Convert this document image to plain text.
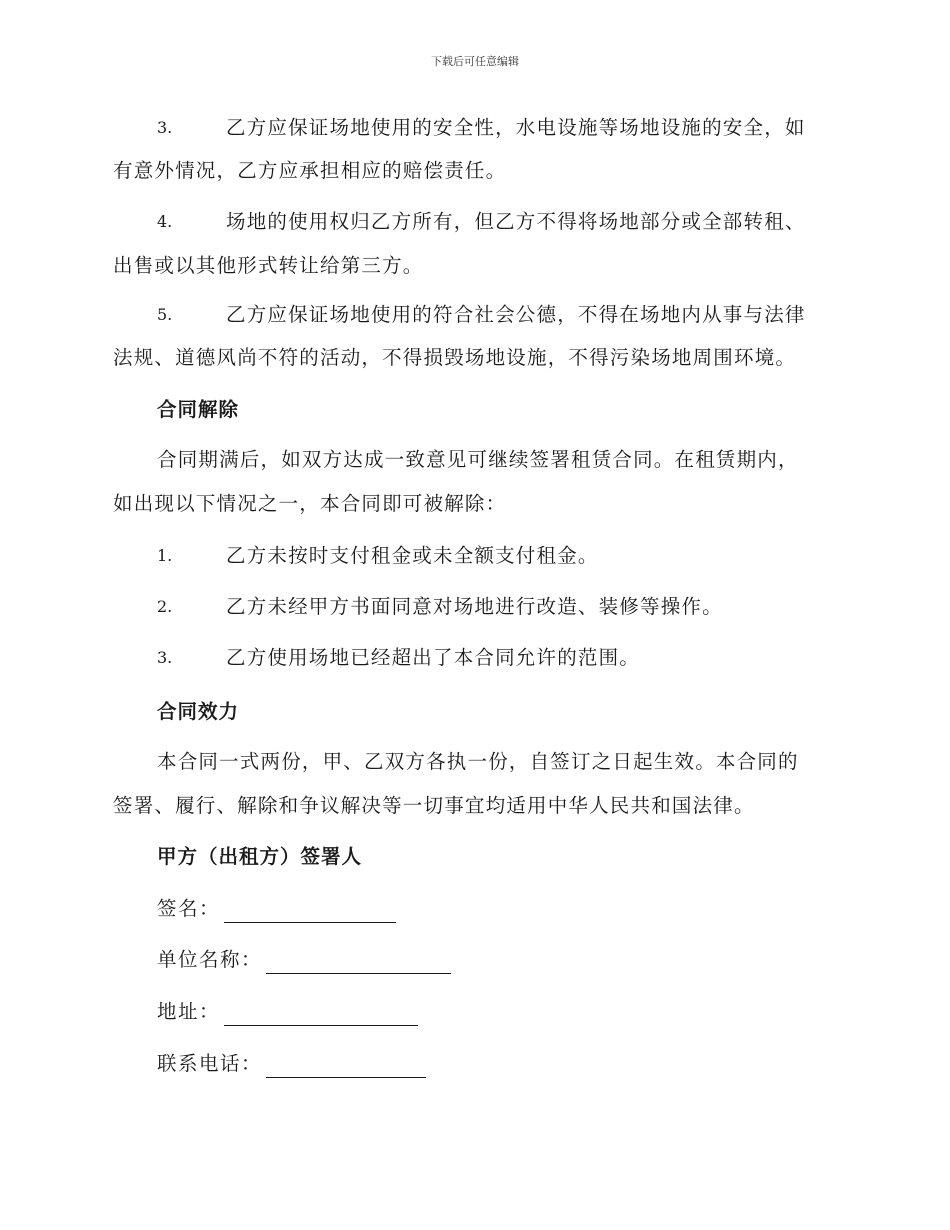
下载后可任意编辑
3.	乙方应保证场地使用的安全性，水电设施等场地设施的安全，如

有意外情况，乙方应承担相应的赔偿责任。

4.	场地的使用权归乙方所有，但乙方不得将场地部分或全部转租、

出售或以其他形式转让给第三方。

5.	乙方应保证场地使用的符合社会公德，不得在场地内从事与法律

法规、道德风尚不符的活动，不得损毁场地设施，不得污染场地周围环境。

合同解除

合同期满后，如双方达成一致意见可继续签署租赁合同。在租赁期内，

如出现以下情况之一，本合同即可被解除：

1.	乙方未按时支付租金或未全额支付租金。
2.	乙方未经甲方书面同意对场地进行改造、装修等操作。
3.	乙方使用场地已经超出了本合同允许的范围。
合同效力

本合同一式两份，甲、乙双方各执一份，自签订之日起生效。本合同的

签署、履行、解除和争议解决等一切事宜均适用中华人民共和国法律。

甲方（出租方）签署人
签名：
单位名称：
地址：
联系电话：
